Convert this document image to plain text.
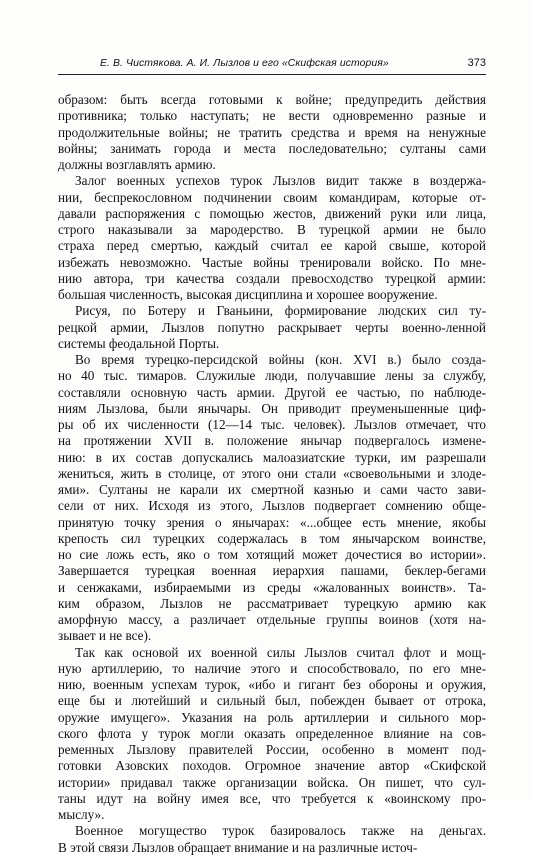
Е. В. Чистякова. А. И. Лызлов и его «Скифская история»	373
образом: быть всегда готовыми к войне; предупредить действия
противника; только наступать; не вести одновременно разные и
продолжительные войны; не тратить средства и время на ненужные
войны; занимать города и места последовательно; султаны сами
должны возглавлять армию.
Залог военных успехов турок Лызлов видит также в воздержа-
нии, беспрекословном подчинении своим командирам, которые от-
давали распоряжения с помощью жестов, движений руки или лица,
строго наказывали за мародерство. В турецкой армии не было
страха перед смертью, каждый считал ее карой свыше, которой
избежать невозможно. Частые войны тренировали войско. По мне-
нию автора, три качества создали превосходство турецкой армии:
большая численность, высокая дисциплина и хорошее вооружение.
Рисуя, по Ботеру и Гваньини, формирование людских сил ту-
рецкой армии, Лызлов попутно раскрывает черты военно-ленной
системы феодальной Порты.
Во время турецко-персидской войны (кон. XVI в.) было созда-
но 40 тыс. тимаров. Служилые люди, получавшие лены за службу,
составляли основную часть армии. Другой ее частью, по наблюде-
ниям Лызлова, были янычары. Он приводит преуменьшенные циф-
ры об их численности (12—14 тыс. человек). Лызлов отмечает, что
на протяжении XVII в. положение янычар подвергалось измене-
нию: в их состав допускались малоазиатские турки, им разрешали
жениться, жить в столице, от этого они стали «своевольными и злоде-
ями». Султаны не карали их смертной казнью и сами часто зави-
сели от них. Исходя из этого, Лызлов подвергает сомнению обще-
принятую точку зрения о янычарах: «...общее есть мнение, якобы
крепость сил турецких содержалась в том янычарском воинстве,
но сие ложь есть, яко о том хотящий может дочестися во истории».
Завершается турецкая военная иерархия пашами, беклер-бегами
и сенжаками, избираемыми из среды «жалованных воинств». Та-
ким образом, Лызлов не рассматривает турецкую армию как
аморфную массу, а различает отдельные группы воинов (хотя на-
зывает и не все).
Так как основой их военной силы Лызлов считал флот и мощ-
ную артиллерию, то наличие этого и способствовало, по его мне-
нию, военным успехам турок, «ибо и гигант без обороны и оружия,
еще бы и лютейший и сильный был, побежден бывает от отрока,
оружие имущего». Указания на роль артиллерии и сильного мор-
ского флота у турок могли оказать определенное влияние на сов-
ременных Лызлову правителей России, особенно в момент под-
готовки Азовских походов. Огромное значение автор «Скифской
истории» придавал также организации войска. Он пишет, что сул-
таны идут на войну имея все, что требуется к «воинскому про-
мыслу».
Военное могущество турок базировалось также на деньгах.
В этой связи Лызлов обращает внимание и на различные источ-
